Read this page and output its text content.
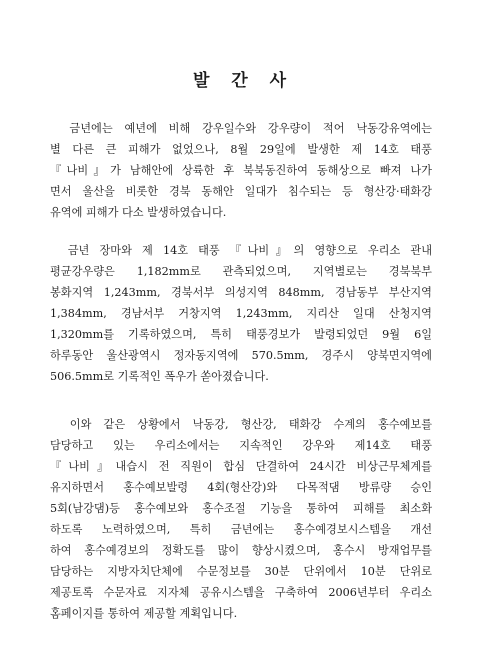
발 간 사
　금년에는 예년에 비해 강우일수와 강우량이 적어 낙동강유역에는
별 다른 큰 피해가 없었으나, 8월 29일에 발생한 제 14호 태풍
『나비』가 남해안에 상륙한 후 북북동진하여 동해상으로 빠져 나가
면서 울산을 비롯한 경북 동해안 일대가 침수되는 등 형산강·태화강
유역에 피해가 다소 발생하였습니다.
　금년 장마와 제 14호 태풍 『나비』의 영향으로 우리소 관내
평균강우량은 1,182mm로 관측되었으며, 지역별로는 경북북부
봉화지역 1,243mm, 경북서부 의성지역 848mm, 경남동부 부산지역
1,384mm, 경남서부 거창지역 1,243mm, 지리산 일대 산청지역
1,320mm를 기록하였으며, 특히 태풍경보가 발령되었던 9월 6일
하루동안 울산광역시 정자동지역에 570.5mm, 경주시 양북면지역에
506.5mm로 기록적인 폭우가 쏟아졌습니다.
　이와 같은 상황에서 낙동강, 형산강, 태화강 수계의 홍수예보를
담당하고 있는 우리소에서는 지속적인 강우와 제14호 태풍
『나비』내습시 전 직원이 합심 단결하여 24시간 비상근무체계를
유지하면서 홍수예보발령 4회(형산강)와 다목적댐 방류량 승인
5회(남강댐)등 홍수예보와 홍수조절 기능을 통하여 피해를 최소화
하도록 노력하였으며, 특히 금년에는 홍수예경보시스템을 개선
하여 홍수예경보의 정확도를 많이 향상시켰으며, 홍수시 방재업무를
담당하는 지방자치단체에 수문정보를 30분 단위에서 10분 단위로
제공토록 수문자료 지자체 공유시스템을 구축하여 2006년부터 우리소
홈페이지를 통하여 제공할 계획입니다.
